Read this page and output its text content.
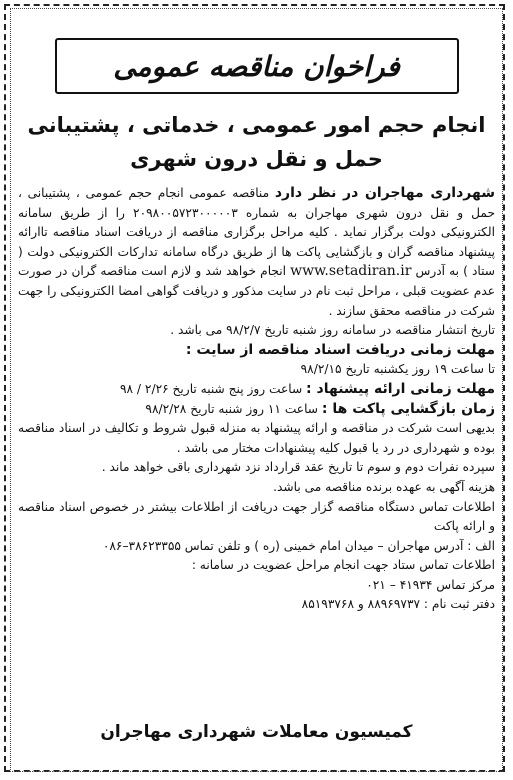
فراخوان مناقصه عمومی
انجام حجم امور عمومی ، خدماتی ، پشتیبانی
حمل و نقل درون شهری

شهرداری مهاجران در نظر دارد مناقصه عمومی انجام حجم عمومی ، پشتیبانی ، حمل و نقل درون شهری مهاجران به شماره ۲۰۹۸۰۰۵۷۲۳۰۰۰۰۰۳ را از طریق سامانه الکترونیکی دولت برگزار نماید . کلیه مراحل برگزاری مناقصه از دریافت اسناد مناقصه تاارائه پیشنهاد مناقصه گران و بازگشایی پاکت ها از طریق درگاه سامانه تدارکات الکترونیکی دولت ( ستاد ) به آدرس www.setadiran.ir انجام خواهد شد و لازم است مناقصه گران در صورت عدم عضویت قبلی ، مراحل ثبت نام در سایت مذکور و دریافت گواهی امضا الکترونیکی را جهت شرکت در مناقصه محقق سازند .

تاریخ انتشار مناقصه در سامانه روز شنبه تاریخ ۹۸/۲/۷ می باشد .

مهلت زمانی دریافت اسناد مناقصه از سایت :

تا ساعت ۱۹ روز یکشنبه تاریخ ۹۸/۲/۱۵

مهلت زمانی ارائه پیشنهاد : ساعت روز پنج شنبه تاریخ ۲/۲۶ / ۹۸

زمان بازگشایی پاکت ها : ساعت ۱۱ روز شنبه تاریخ ۹۸/۲/۲۸

بدیهی است شرکت در مناقصه و ارائه پیشنهاد به منزله قبول شروط و تکالیف در اسناد مناقصه بوده و شهرداری در رد یا قبول کلیه پیشنهادات مختار می باشد .

سپرده نفرات دوم و سوم تا تاریخ عقد قرارداد نزد شهرداری باقی خواهد ماند .

هزینه آگهی به عهده برنده مناقصه می باشد.

اطلاعات تماس دستگاه مناقصه گزار جهت دریافت از اطلاعات بیشتر در خصوص اسناد مناقصه و ارائه پاکت

الف : آدرس مهاجران – میدان امام خمینی (ره ) و تلفن تماس ۳۸۶۲۳۳۵۵–۰۸۶

اطلاعات تماس ستاد جهت انجام مراحل عضویت در سامانه :

مرکز تماس ۴۱۹۳۴ – ۰۲۱

دفتر ثبت نام : ۸۸۹۶۹۷۳۷ و ۸۵۱۹۳۷۶۸

کمیسیون معاملات شهرداری مهاجران
